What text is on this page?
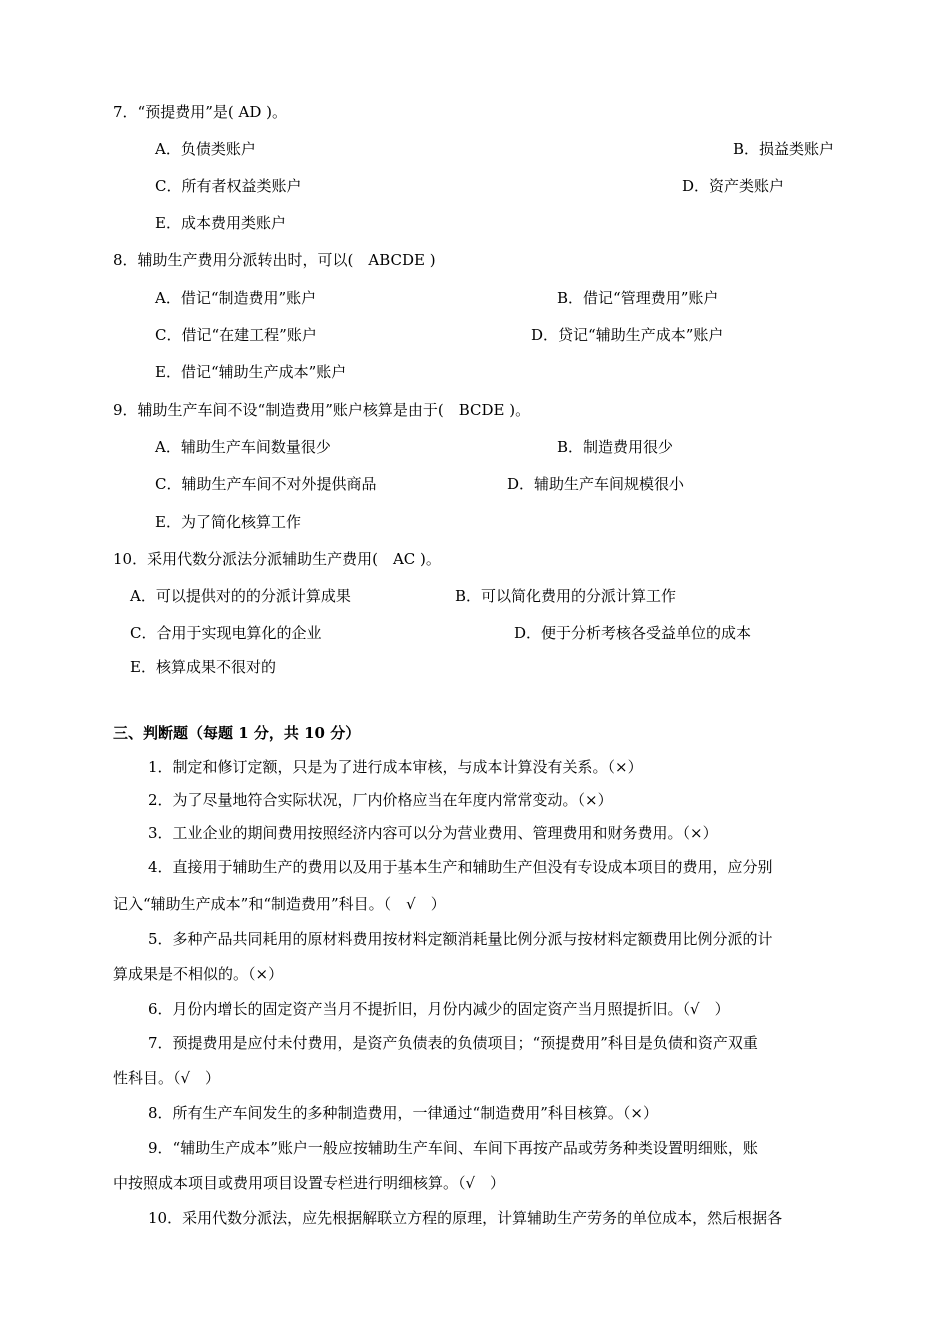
7．“预提费用”是( AD )。
A．负债类账户	B．损益类账户
C．所有者权益类账户	D．资产类账户
E．成本费用类账户
8．辅助生产费用分派转出时，可以(　ABCDE )
A．借记“制造费用”账户	B．借记“管理费用”账户
C．借记“在建工程”账户	D．贷记“辅助生产成本”账户
E．借记“辅助生产成本”账户
9．辅助生产车间不设“制造费用”账户核算是由于(　BCDE )。
A．辅助生产车间数量很少	B．制造费用很少
C．辅助生产车间不对外提供商品	D．辅助生产车间规模很小
E．为了简化核算工作
10．采用代数分派法分派辅助生产费用(　AC )。
A．可以提供对的的分派计算成果	B．可以简化费用的分派计算工作
C．合用于实现电算化的企业	D．便于分析考核各受益单位的成本
E．核算成果不很对的
三、判断题（每题 1 分，共 10 分）
1．制定和修订定额，只是为了进行成本审核，与成本计算没有关系。（×）
2．为了尽量地符合实际状况，厂内价格应当在年度内常常变动。（×）
3．工业企业的期间费用按照经济内容可以分为营业费用、管理费用和财务费用。（×）
4．直接用于辅助生产的费用以及用于基本生产和辅助生产但没有专设成本项目的费用，应分别
记入“辅助生产成本”和“制造费用”科目。（　√　）
5．多种产品共同耗用的原材料费用按材料定额消耗量比例分派与按材料定额费用比例分派的计
算成果是不相似的。（×）
6．月份内增长的固定资产当月不提折旧，月份内减少的固定资产当月照提折旧。（√　）
7．预提费用是应付未付费用，是资产负债表的负债项目；“预提费用”科目是负债和资产双重
性科目。（√　）
8．所有生产车间发生的多种制造费用，一律通过“制造费用”科目核算。（×）
9．“辅助生产成本”账户一般应按辅助生产车间、车间下再按产品或劳务种类设置明细账，账
中按照成本项目或费用项目设置专栏进行明细核算。（√　）
10．采用代数分派法，应先根据解联立方程的原理，计算辅助生产劳务的单位成本，然后根据各
